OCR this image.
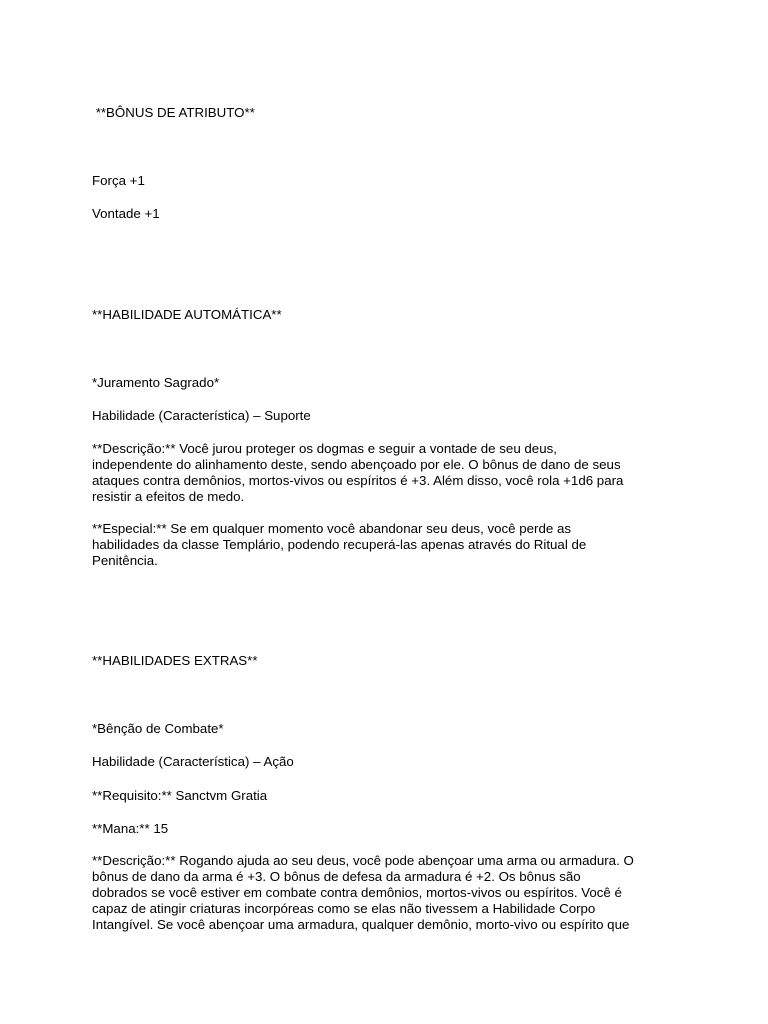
**BÔNUS DE ATRIBUTO**
Força +1
Vontade +1
**HABILIDADE AUTOMÁTICA**
*Juramento Sagrado*
Habilidade (Característica) – Suporte
**Descrição:** Você jurou proteger os dogmas e seguir a vontade de seu deus,
independente do alinhamento deste, sendo abençoado por ele. O bônus de dano de seus
ataques contra demônios, mortos-vivos ou espíritos é +3. Além disso, você rola +1d6 para
resistir a efeitos de medo.
**Especial:** Se em qualquer momento você abandonar seu deus, você perde as
habilidades da classe Templário, podendo recuperá-las apenas através do Ritual de
Penitência.
**HABILIDADES EXTRAS**
*Bênção de Combate*
Habilidade (Característica) – Ação
**Requisito:** Sanctvm Gratia
**Mana:** 15
**Descrição:** Rogando ajuda ao seu deus, você pode abençoar uma arma ou armadura. O
bônus de dano da arma é +3. O bônus de defesa da armadura é +2. Os bônus são
dobrados se você estiver em combate contra demônios, mortos-vivos ou espíritos. Você é
capaz de atingir criaturas incorpóreas como se elas não tivessem a Habilidade Corpo
Intangível. Se você abençoar uma armadura, qualquer demônio, morto-vivo ou espírito que
